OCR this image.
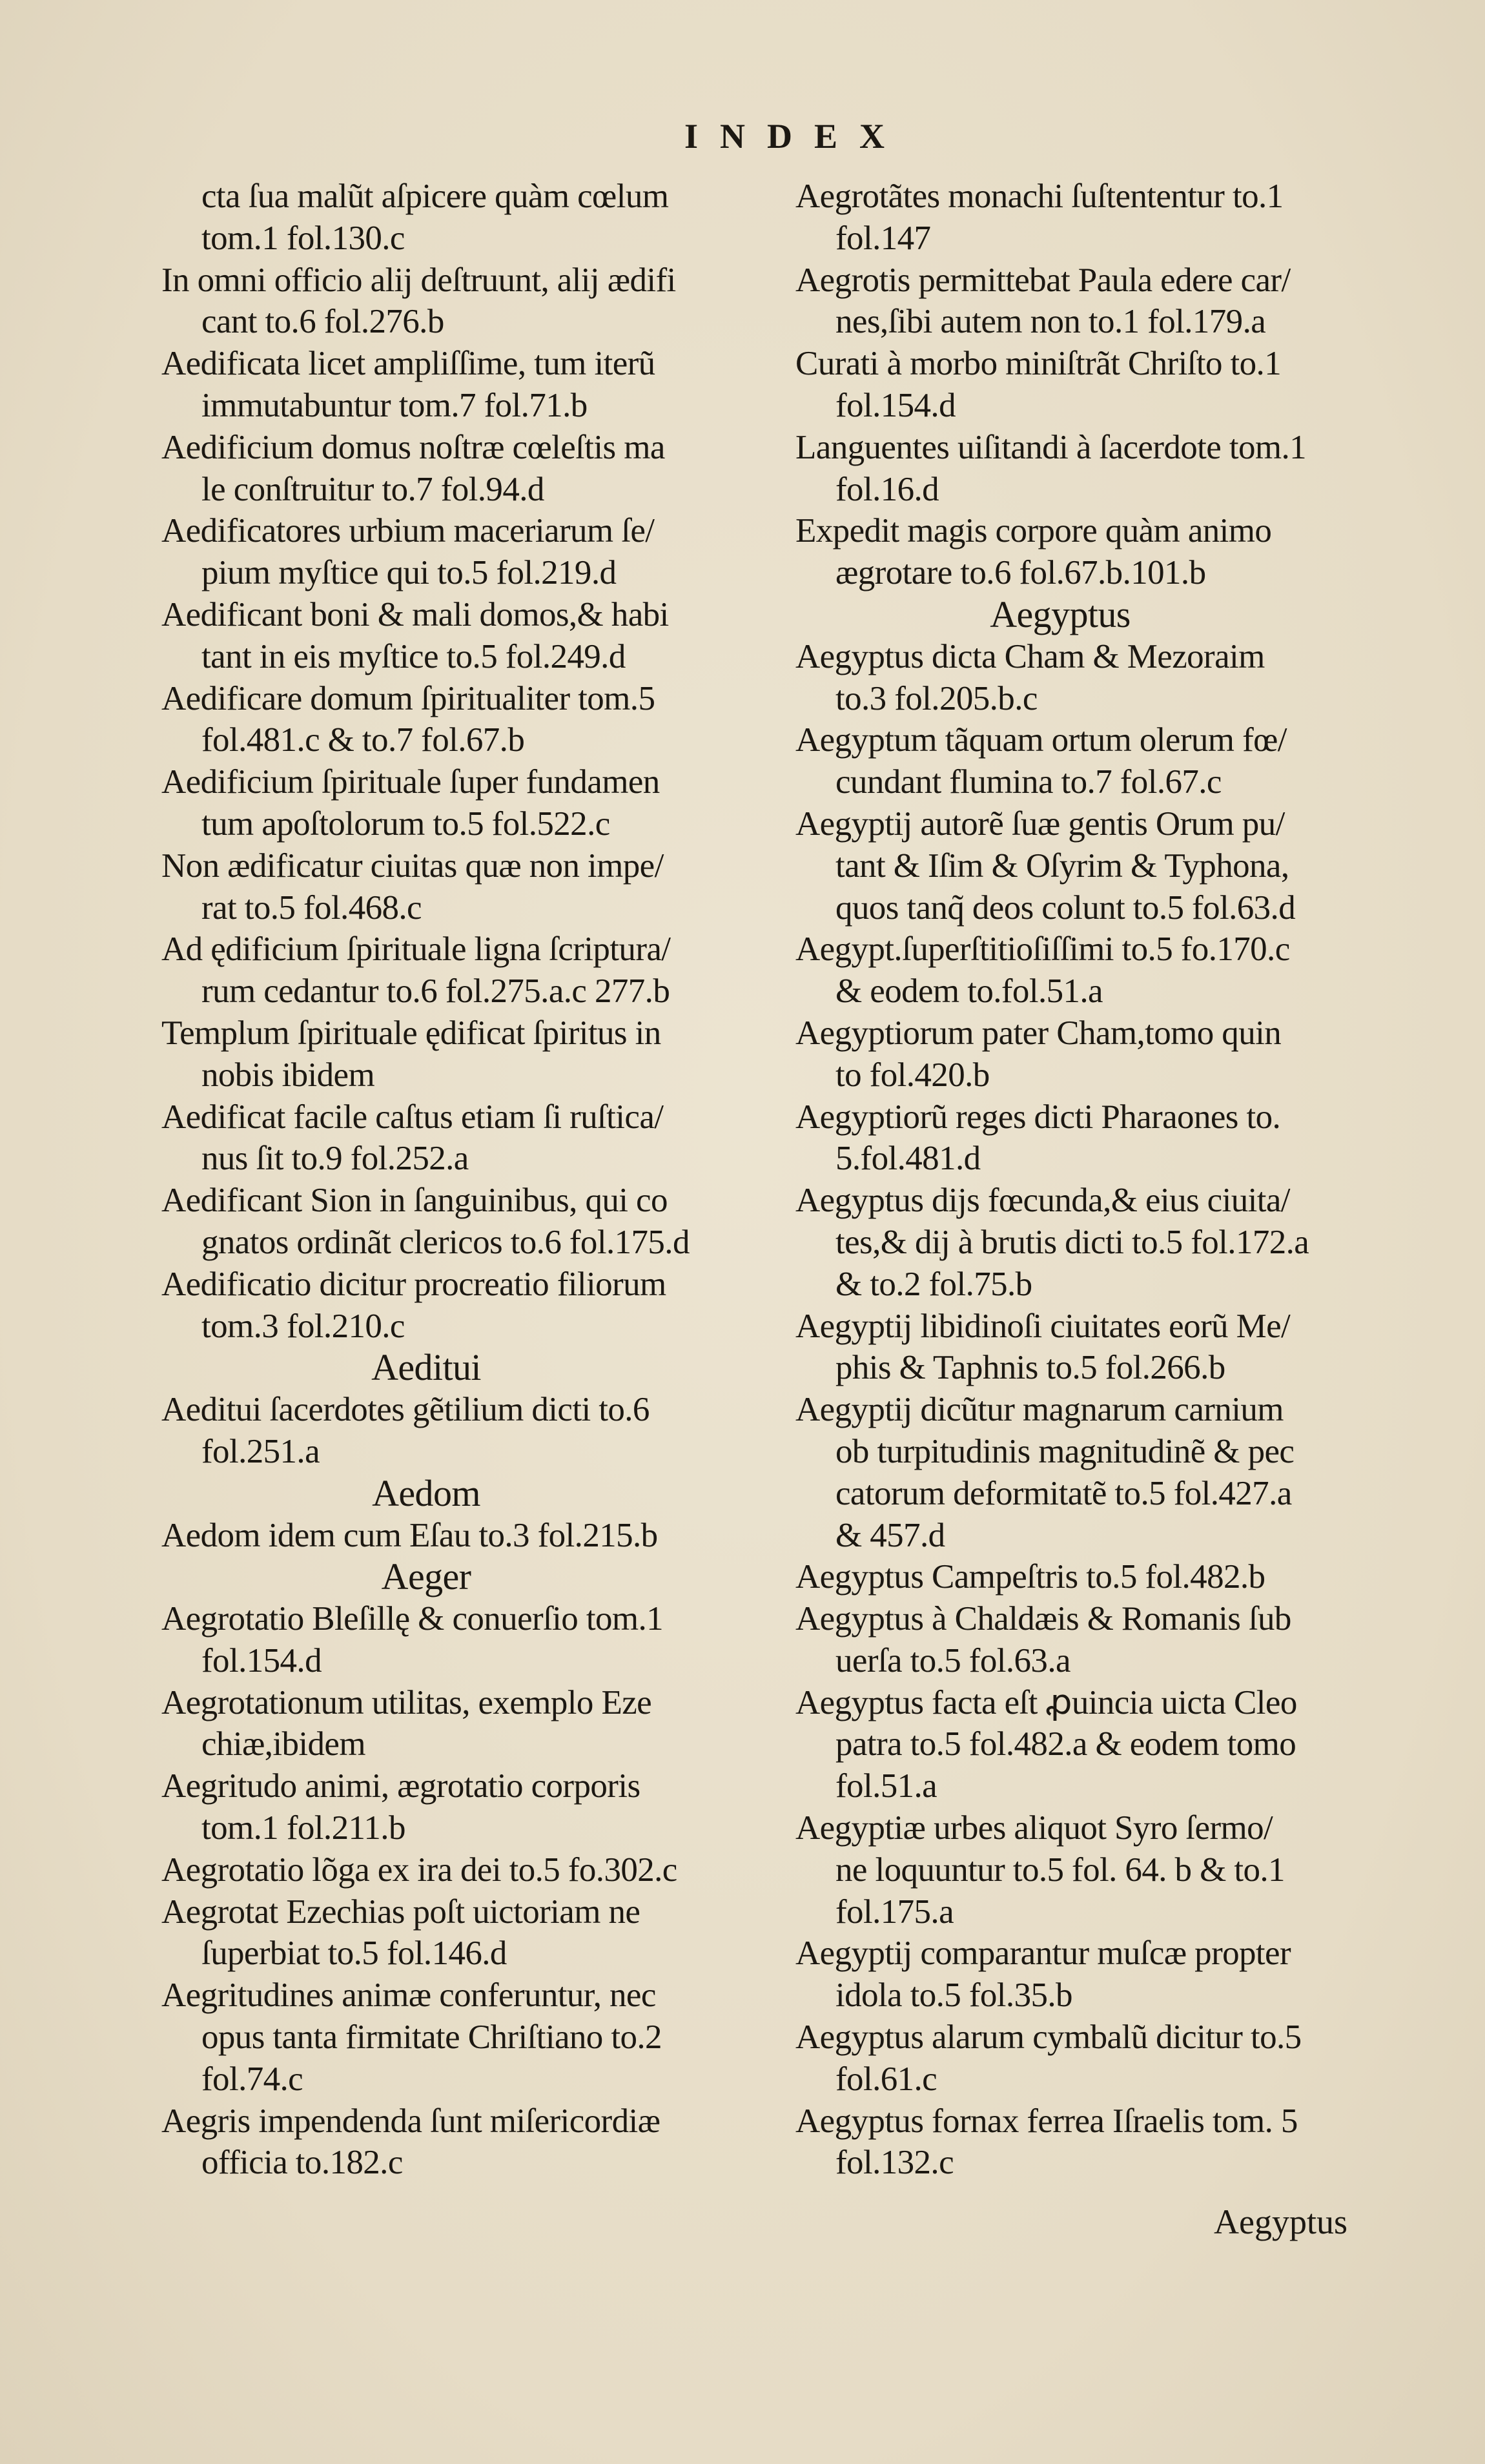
INDEX
cta ſua malũt aſpicere quàm cœlum
tom.1 fol.130.c
In omni officio alij deſtruunt, alij ædifi
cant to.6 fol.276.b
Aedificata licet ampliſſime, tum iterũ
immutabuntur tom.7 fol.71.b
Aedificium domus noſtræ cœleſtis ma
le conſtruitur to.7 fol.94.d
Aedificatores urbium maceriarum ſe/
pium myſtice qui to.5 fol.219.d
Aedificant boni & mali domos,& habi
tant in eis myſtice to.5 fol.249.d
Aedificare domum ſpiritualiter tom.5
fol.481.c & to.7 fol.67.b
Aedificium ſpirituale ſuper fundamen
tum apoſtolorum to.5 fol.522.c
Non ædificatur ciuitas quæ non impe/
rat to.5 fol.468.c
Ad ędificium ſpirituale ligna ſcriptura/
rum cedantur to.6 fol.275.a.c 277.b
Templum ſpirituale ędificat ſpiritus in
nobis ibidem
Aedificat facile caſtus etiam ſi ruſtica/
nus ſit to.9 fol.252.a
Aedificant Sion in ſanguinibus, qui co
gnatos ordinãt clericos to.6 fol.175.d
Aedificatio dicitur procreatio filiorum
tom.3 fol.210.c
Aeditui
Aeditui ſacerdotes gẽtilium dicti to.6
fol.251.a
Aedom
Aedom idem cum Eſau to.3 fol.215.b
Aeger
Aegrotatio Bleſillę & conuerſio tom.1
fol.154.d
Aegrotationum utilitas, exemplo Eze
chiæ,ibidem
Aegritudo animi, ægrotatio corporis
tom.1 fol.211.b
Aegrotatio lõga ex ira dei to.5 fo.302.c
Aegrotat Ezechias poſt uictoriam ne
ſuperbiat to.5 fol.146.d
Aegritudines animæ conferuntur, nec
opus tanta firmitate Chriſtiano to.2
fol.74.c
Aegris impendenda ſunt miſericordiæ
officia to.182.c
Aegrotãtes monachi ſuſtententur to.1
fol.147
Aegrotis permittebat Paula edere car/
nes,ſibi autem non to.1 fol.179.a
Curati à morbo miniſtrãt Chriſto to.1
fol.154.d
Languentes uiſitandi à ſacerdote tom.1
fol.16.d
Expedit magis corpore quàm animo
ægrotare to.6 fol.67.b.101.b
Aegyptus
Aegyptus dicta Cham & Mezoraim
to.3 fol.205.b.c
Aegyptum tãquam ortum olerum fœ/
cundant flumina to.7 fol.67.c
Aegyptij autorẽ ſuæ gentis Orum pu/
tant & Iſim & Oſyrim & Typhona,
quos tanq̃ deos colunt to.5 fol.63.d
Aegypt.ſuperſtitioſiſſimi to.5 fo.170.c
& eodem to.fol.51.a
Aegyptiorum pater Cham,tomo quin
to fol.420.b
Aegyptiorũ reges dicti Pharaones to.
5.fol.481.d
Aegyptus dijs fœcunda,& eius ciuita/
tes,& dij à brutis dicti to.5 fol.172.a
& to.2 fol.75.b
Aegyptij libidinoſi ciuitates eorũ Me/
phis & Taphnis to.5 fol.266.b
Aegyptij dicũtur magnarum carnium
ob turpitudinis magnitudinẽ & pec
catorum deformitatẽ to.5 fol.427.a
& 457.d
Aegyptus Campeſtris to.5 fol.482.b
Aegyptus à Chaldæis & Romanis ſub
uerſa to.5 fol.63.a
Aegyptus facta eſt ꝓuincia uicta Cleo
patra to.5 fol.482.a & eodem tomo
fol.51.a
Aegyptiæ urbes aliquot Syro ſermo/
ne loquuntur to.5 fol. 64. b & to.1
fol.175.a
Aegyptij comparantur muſcæ propter
idola to.5 fol.35.b
Aegyptus alarum cymbalũ dicitur to.5
fol.61.c
Aegyptus fornax ferrea Iſraelis tom. 5
fol.132.c
Aegyptus
